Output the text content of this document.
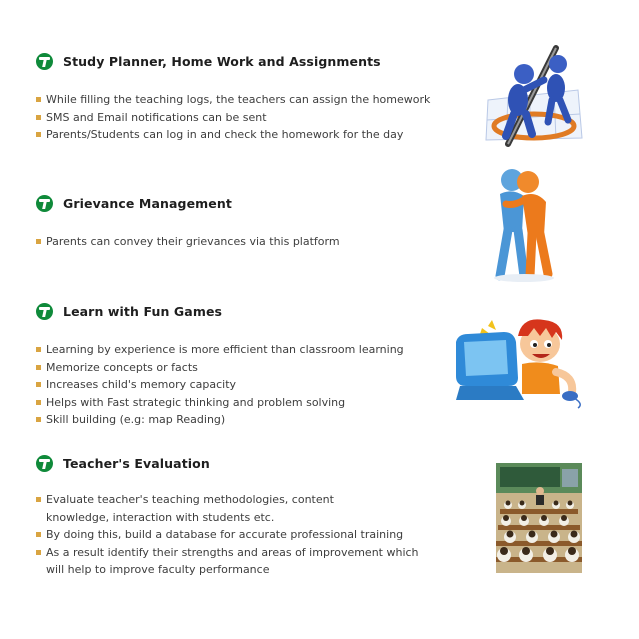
Study Planner, Home Work and Assignments
While filling the teaching logs, the teachers can assign the homework
SMS and Email notifications can be sent
Parents/Students can log in and check the homework for the day
Grievance Management
Parents can convey their grievances via this platform
Learn with Fun Games
Learning by experience is more efficient than classroom learning
Memorize concepts or facts
Increases child's memory capacity
Helps with Fast strategic thinking and problem solving
Skill building (e.g: map Reading)
Teacher's Evaluation
Evaluate teacher's teaching methodologies, content
knowledge, interaction with students etc.
By doing this, build a database for accurate professional training
As a result identify their strengths and areas of improvement which
will help to improve faculty performance
